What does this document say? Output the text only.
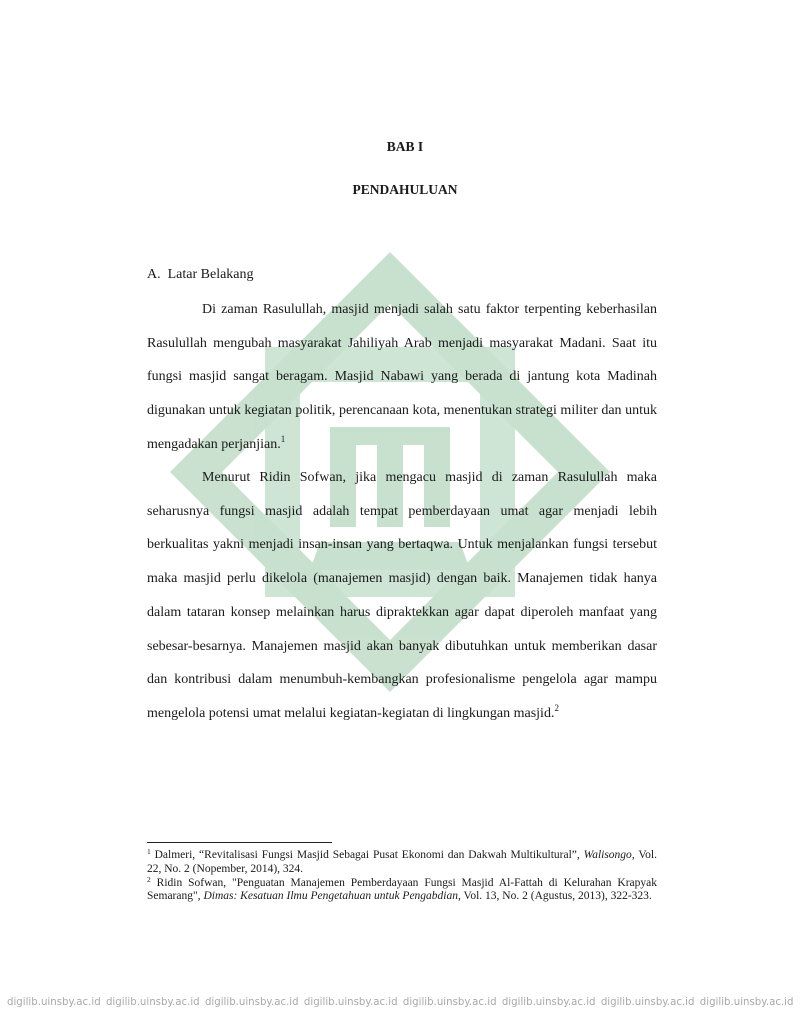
BAB I
PENDAHULUAN
A. Latar Belakang

Di zaman Rasulullah, masjid menjadi salah satu faktor terpenting keberhasilan Rasulullah mengubah masyarakat Jahiliyah Arab menjadi masyarakat Madani. Saat itu fungsi masjid sangat beragam. Masjid Nabawi yang berada di jantung kota Madinah digunakan untuk kegiatan politik, perencanaan kota, menentukan strategi militer dan untuk mengadakan perjanjian.$^1$

Menurut Ridin Sofwan, jika mengacu masjid di zaman Rasulullah maka seharusnya fungsi masjid adalah tempat pemberdayaan umat agar menjadi lebih berkualitas yakni menjadi insan-insan yang bertaqwa. Untuk menjalankan fungsi tersebut maka masjid perlu dikelola (manajemen masjid) dengan baik. Manajemen tidak hanya dalam tataran konsep melainkan harus dipraktekkan agar dapat diperoleh manfaat yang sebesar-besarnya. Manajemen masjid akan banyak dibutuhkan untuk memberikan dasar dan kontribusi dalam menumbuh-kembangkan profesionalisme pengelola agar mampu mengelola potensi umat melalui kegiatan-kegiatan di lingkungan masjid.$^2$

$^1$ Dalmeri, “Revitalisasi Fungsi Masjid Sebagai Pusat Ekonomi dan Dakwah Multikultural”, Walisongo, Vol. 22, No. 2 (Nopember, 2014), 324.

$^2$ Ridin Sofwan, "Penguatan Manajemen Pemberdayaan Fungsi Masjid Al-Fattah di Kelurahan Krapyak Semarang", Dimas: Kesatuan Ilmu Pengetahuan untuk Pengabdian, Vol. 13, No. 2 (Agustus, 2013), 322-323.

digilib.uinsby.ac.id digilib.uinsby.ac.id digilib.uinsby.ac.id digilib.uinsby.ac.id digilib.uinsby.ac.id digilib.uinsby.ac.id digilib.uinsby.ac.id digilib.uinsby.ac.id
